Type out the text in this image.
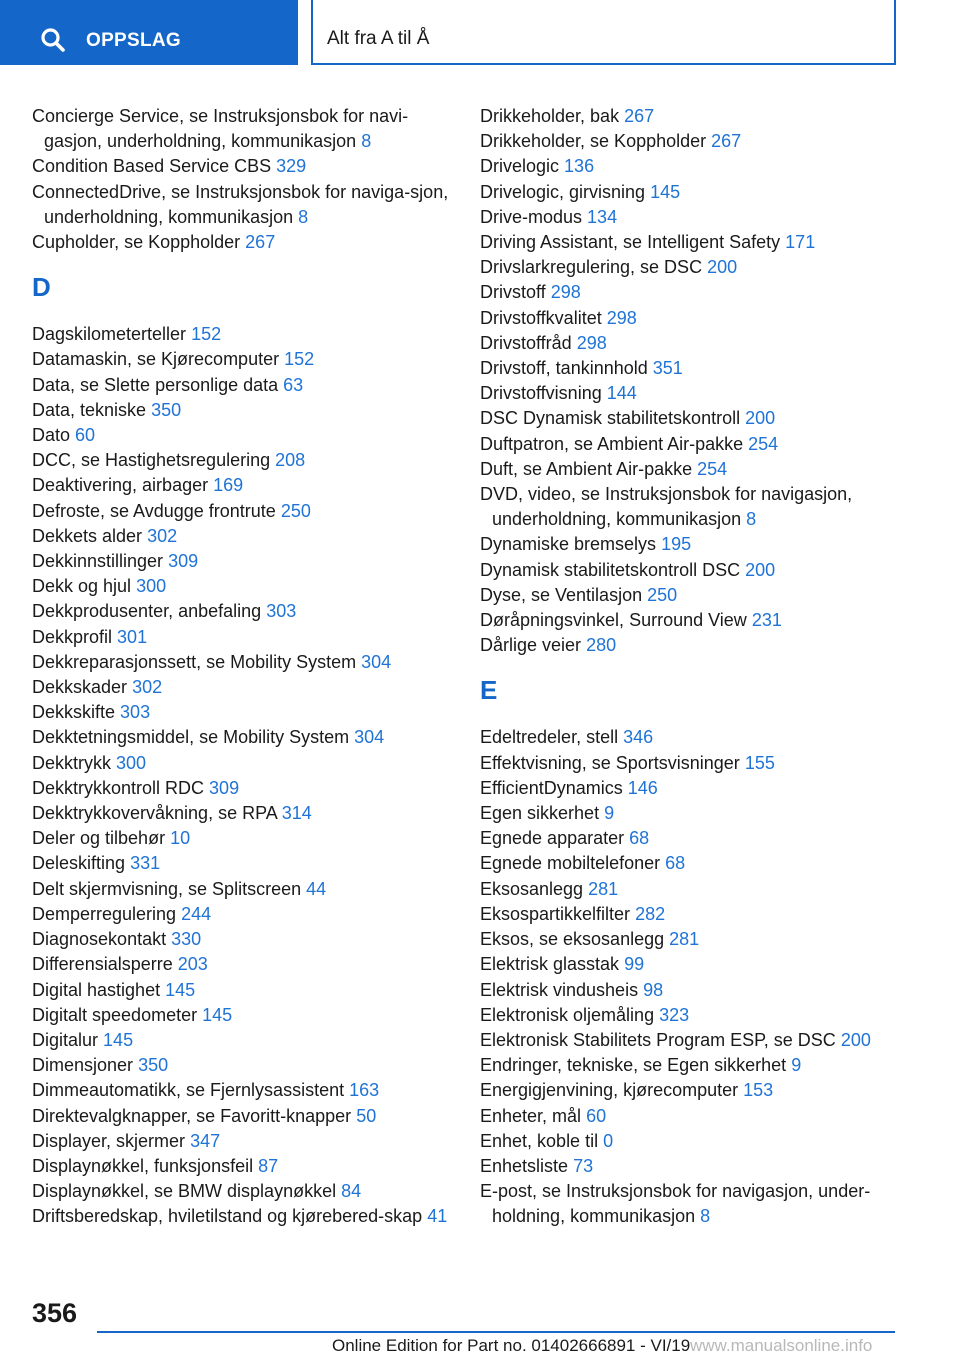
OPPSLAG	Alt fra A til Å
Concierge Service, se Instruksjonsbok for navi-gasjon, underholdning, kommunikasjon 8
Condition Based Service CBS 329
ConnectedDrive, se Instruksjonsbok for naviga-sjon, underholdning, kommunikasjon 8
Cupholder, se Koppholder 267
D
Dagskilometerteller 152
Datamaskin, se Kjørecomputer 152
Data, se Slette personlige data 63
Data, tekniske 350
Dato 60
DCC, se Hastighetsregulering 208
Deaktivering, airbager 169
Defroste, se Avdugge frontrute 250
Dekkets alder 302
Dekkinnstillinger 309
Dekk og hjul 300
Dekkprodusenter, anbefaling 303
Dekkprofil 301
Dekkreparasjonssett, se Mobility System 304
Dekkskader 302
Dekkskifte 303
Dekktetningsmiddel, se Mobility System 304
Dekktrykk 300
Dekktrykkontroll RDC 309
Dekktrykkovervåkning, se RPA 314
Deler og tilbehør 10
Deleskifting 331
Delt skjermvisning, se Splitscreen 44
Demperregulering 244
Diagnosekontakt 330
Differensialsperre 203
Digital hastighet 145
Digitalt speedometer 145
Digitalur 145
Dimensjoner 350
Dimmeautomatikk, se Fjernlysassistent 163
Direktevalgknapper, se Favoritt-knapper 50
Displayer, skjermer 347
Displaynøkkel, funksjonsfeil 87
Displaynøkkel, se BMW displaynøkkel 84
Driftsberedskap, hviletilstand og kjørebered-skap 41
Drikkeholder, bak 267
Drikkeholder, se Koppholder 267
Drivelogic 136
Drivelogic, girvisning 145
Drive-modus 134
Driving Assistant, se Intelligent Safety 171
Drivslarkregulering, se DSC 200
Drivstoff 298
Drivstoffkvalitet 298
Drivstoffråd 298
Drivstoff, tankinnhold 351
Drivstoffvisning 144
DSC Dynamisk stabilitetskontroll 200
Duftpatron, se Ambient Air-pakke 254
Duft, se Ambient Air-pakke 254
DVD, video, se Instruksjonsbok for navigasjon, underholdning, kommunikasjon 8
Dynamiske bremselys 195
Dynamisk stabilitetskontroll DSC 200
Dyse, se Ventilasjon 250
Døråpningsvinkel, Surround View 231
Dårlige veier 280
E
Edeltredeler, stell 346
Effektvisning, se Sportsvisninger 155
EfficientDynamics 146
Egen sikkerhet 9
Egnede apparater 68
Egnede mobiltelefoner 68
Eksosanlegg 281
Eksospartikkelfilter 282
Eksos, se eksosanlegg 281
Elektrisk glasstak 99
Elektrisk vindusheis 98
Elektronisk oljemåling 323
Elektronisk Stabilitets Program ESP, se DSC 200
Endringer, tekniske, se Egen sikkerhet 9
Energigjenvining, kjørecomputer 153
Enheter, mål 60
Enhet, koble til 0
Enhetsliste 73
E-post, se Instruksjonsbok for navigasjon, under-holdning, kommunikasjon 8
356
Online Edition for Part no. 01402666891 - VI/19 www.manualsonline.info
